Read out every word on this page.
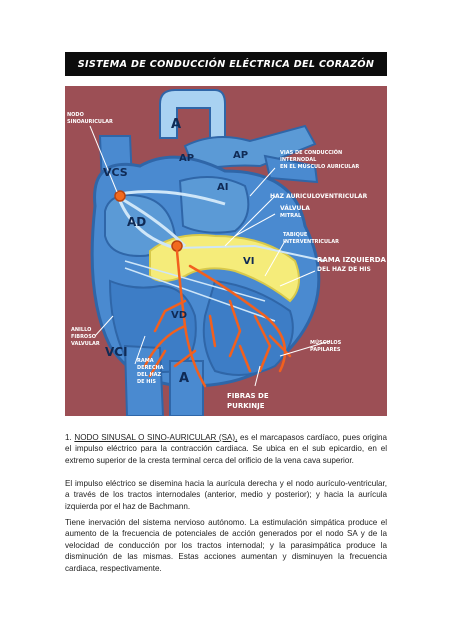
SISTEMA DE CONDUCCIÓN ELÉCTRICA DEL CORAZÓN
A
AP	AP
VCS
AI
AD
VI
VD
VCI
A
NODO
SINOAURICULAR
VIAS DE CONDUCCIÓN
INTERNODAL
EN EL MÚSCULO AURICULAR
HAZ AURICULOVENTRICULAR
VÁLVULA
MITRAL
TABIQUE
INTERVENTRICULAR
RAMA IZQUIERDA
DEL HAZ DE HIS
ANILLO
FIBROSO
VALVULAR	MÚSCULOS
PAPILARES
RAMA
DERECHA
DEL HAZ
DE HIS
FIBRAS DE
PURKINJE

1. NODO SINUSAL O SINO-AURICULAR (SA), es el marcapasos cardíaco, pues origina el impulso eléctrico para la contracción cardiaca. Se ubica en el sub epicardio, en el extremo superior de la cresta terminal cerca del orificio de la vena cava superior.

El impulso eléctrico se disemina hacia la aurícula derecha y el nodo aurículo-ventricular, a través de los tractos internodales (anterior, medio y posterior); y hacia la aurícula izquierda por el haz de Bachmann.

Tiene inervación del sistema nervioso autónomo. La estimulación simpática produce el aumento de la frecuencia de potenciales de acción generados por el nodo SA y de la velocidad de conducción por los tractos internodal; y la parasimpática produce la disminución de las mismas. Estas acciones aumentan y disminuyen la frecuencia cardiaca, respectivamente.
